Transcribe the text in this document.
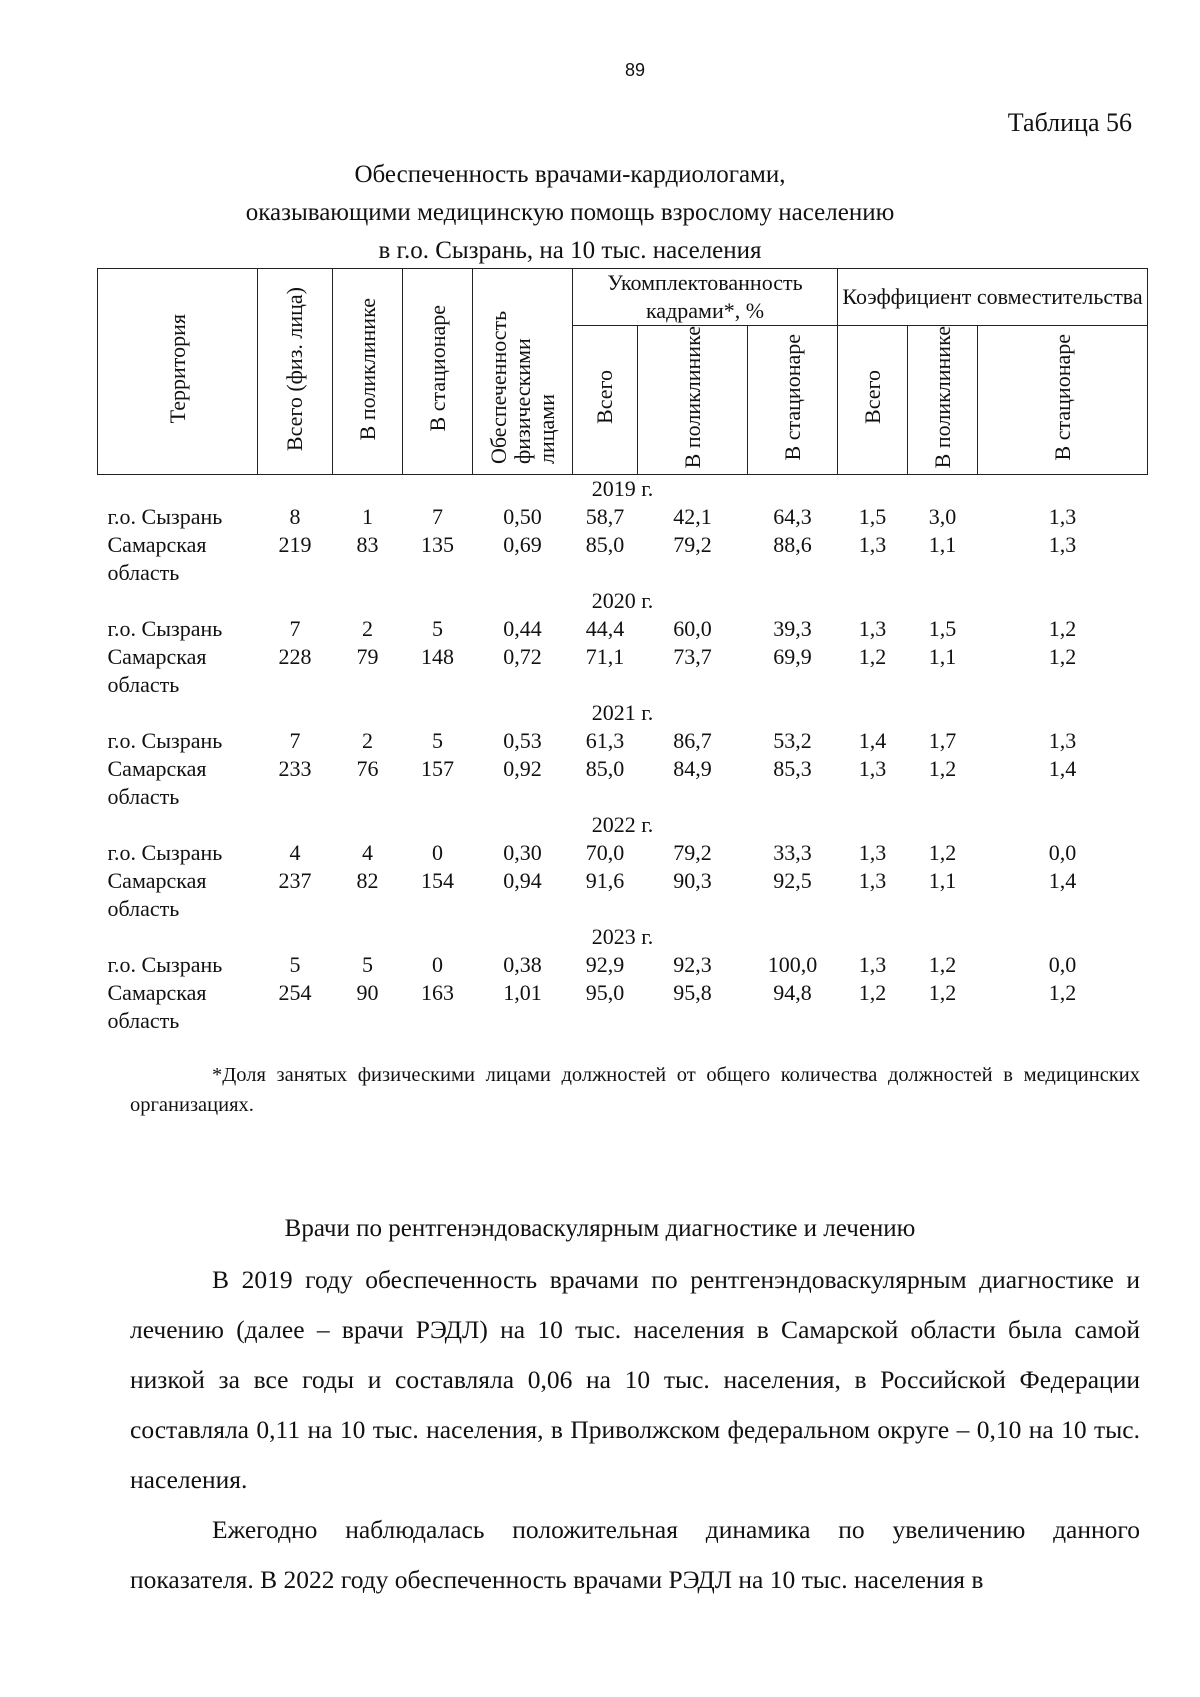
89
Таблица 56
Обеспеченность врачами-кардиологами,
оказывающими медицинскую помощь взрослому населению
в г.о. Сызрань, на 10 тыс. населения
Территория	Всего (физ. лица)	В поликлинике	В стационаре	Обеспеченность физическими лицами	Укомплектованность кадрами*, %			Коэффициент совместительства		
					Всего	В поликлинике	В стационаре	Всего	В поликлинике	В стационаре
2019 г.										
г.о. Сызрань	8	1	7	0,50	58,7	42,1	64,3	1,5	3,0	1,3
Самарская область	219	83	135	0,69	85,0	79,2	88,6	1,3	1,1	1,3
2020 г.										
г.о. Сызрань	7	2	5	0,44	44,4	60,0	39,3	1,3	1,5	1,2
Самарская область	228	79	148	0,72	71,1	73,7	69,9	1,2	1,1	1,2
2021 г.										
г.о. Сызрань	7	2	5	0,53	61,3	86,7	53,2	1,4	1,7	1,3
Самарская область	233	76	157	0,92	85,0	84,9	85,3	1,3	1,2	1,4
2022 г.										
г.о. Сызрань	4	4	0	0,30	70,0	79,2	33,3	1,3	1,2	0,0
Самарская область	237	82	154	0,94	91,6	90,3	92,5	1,3	1,1	1,4
2023 г.										
г.о. Сызрань	5	5	0	0,38	92,9	92,3	100,0	1,3	1,2	0,0
Самарская область	254	90	163	1,01	95,0	95,8	94,8	1,2	1,2	1,2
*Доля занятых физическими лицами должностей от общего количества должностей в медицинских организациях.
Врачи по рентгенэндоваскулярным диагностике и лечению
В 2019 году обеспеченность врачами по рентгенэндоваскулярным диагностике и лечению (далее – врачи РЭДЛ) на 10 тыс. населения в Самарской области была самой низкой за все годы и составляла 0,06 на 10 тыс. населения, в Российской Федерации составляла 0,11 на 10 тыс. населения, в Приволжском федеральном округе – 0,10 на 10 тыс. населения.
Ежегодно наблюдалась положительная динамика по увеличению данного показателя. В 2022 году обеспеченность врачами РЭДЛ на 10 тыс. населения в
